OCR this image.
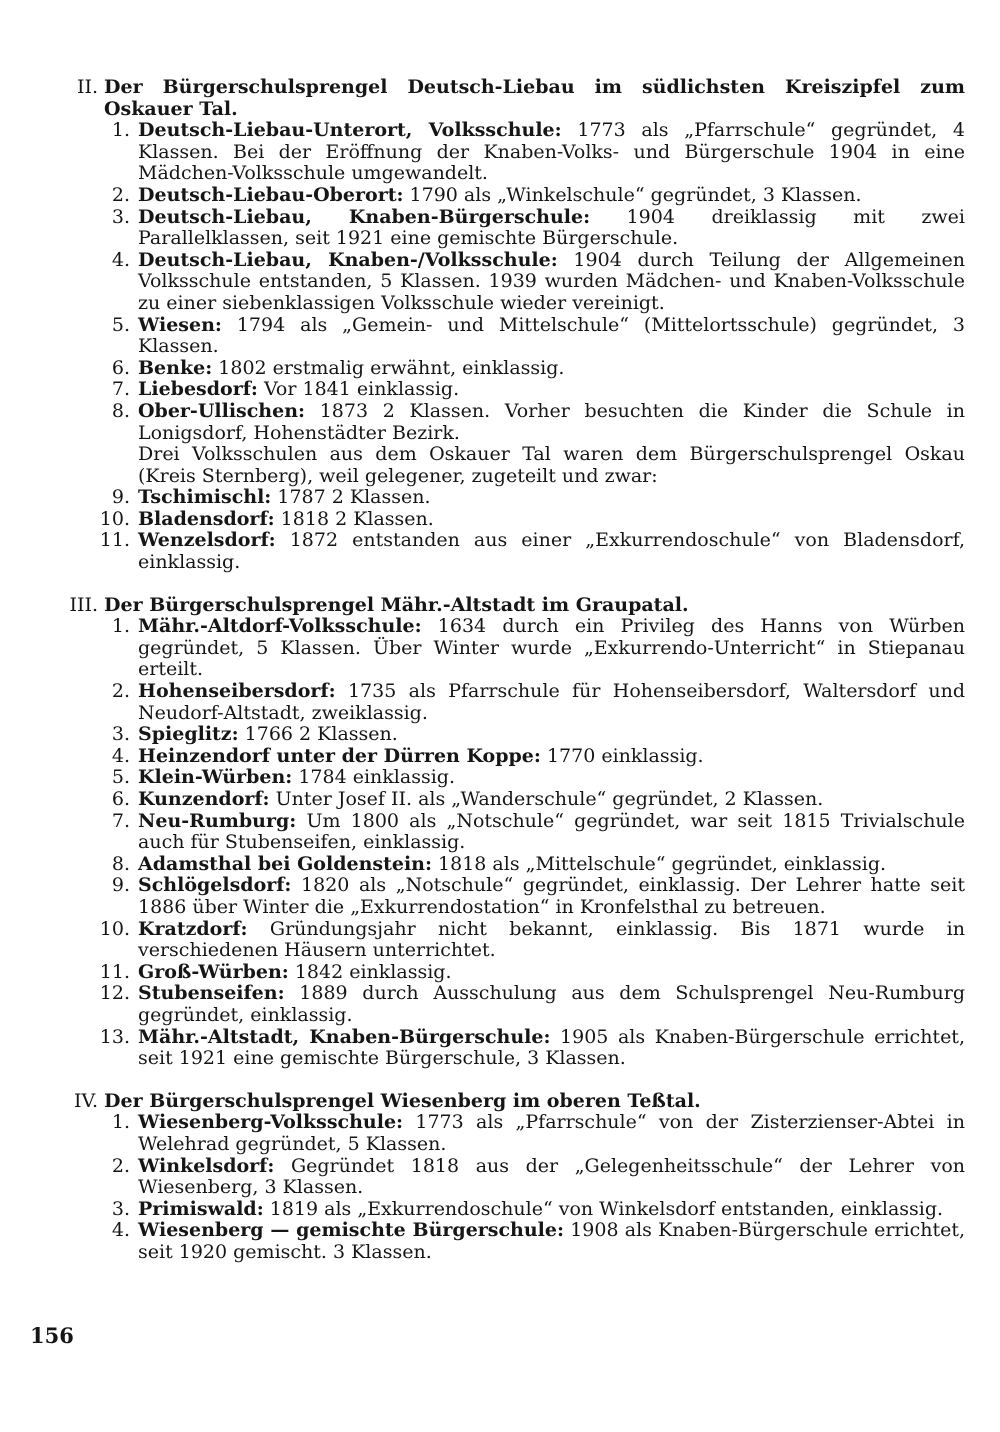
II. Der Bürgerschulsprengel Deutsch-Liebau im südlichsten Kreiszipfel zum Oskauer Tal.
1. Deutsch-Liebau-Unterort, Volksschule: 1773 als „Pfarrschule“ gegründet, 4 Klassen. Bei der Eröffnung der Knaben-Volks- und Bürgerschule 1904 in eine Mädchen-Volksschule umgewandelt.
2. Deutsch-Liebau-Oberort: 1790 als „Winkelschule“ gegründet, 3 Klassen.
3. Deutsch-Liebau, Knaben-Bürgerschule: 1904 dreiklassig mit zwei Parallelklassen, seit 1921 eine gemischte Bürgerschule.
4. Deutsch-Liebau, Knaben-/Volksschule: 1904 durch Teilung der Allgemeinen Volksschule entstanden, 5 Klassen. 1939 wurden Mädchen- und Knaben-Volksschule zu einer siebenklassigen Volksschule wieder vereinigt.
5. Wiesen: 1794 als „Gemein- und Mittelschule“ (Mittelortsschule) gegründet, 3 Klassen.
6. Benke: 1802 erstmalig erwähnt, einklassig.
7. Liebesdorf: Vor 1841 einklassig.
8. Ober-Ullischen: 1873 2 Klassen. Vorher besuchten die Kinder die Schule in Lonigsdorf, Hohenstädter Bezirk.
Drei Volksschulen aus dem Oskauer Tal waren dem Bürgerschulsprengel Oskau (Kreis Sternberg), weil gelegener, zugeteilt und zwar:
9. Tschimischl: 1787 2 Klassen.
10. Bladensdorf: 1818 2 Klassen.
11. Wenzelsdorf: 1872 entstanden aus einer „Exkurrendoschule“ von Bladensdorf, einklassig.
III. Der Bürgerschulsprengel Mähr.-Altstadt im Graupatal.
1. Mähr.-Altdorf-Volksschule: 1634 durch ein Privileg des Hanns von Würben gegründet, 5 Klassen. Über Winter wurde „Exkurrendo-Unterricht“ in Stiepanau erteilt.
2. Hohenseibersdorf: 1735 als Pfarrschule für Hohenseibersdorf, Waltersdorf und Neudorf-Altstadt, zweiklassig.
3. Spieglitz: 1766 2 Klassen.
4. Heinzendorf unter der Dürren Koppe: 1770 einklassig.
5. Klein-Würben: 1784 einklassig.
6. Kunzendorf: Unter Josef II. als „Wanderschule“ gegründet, 2 Klassen.
7. Neu-Rumburg: Um 1800 als „Notschule“ gegründet, war seit 1815 Trivialschule auch für Stubenseifen, einklassig.
8. Adamsthal bei Goldenstein: 1818 als „Mittelschule“ gegründet, einklassig.
9. Schlögelsdorf: 1820 als „Notschule“ gegründet, einklassig. Der Lehrer hatte seit 1886 über Winter die „Exkurrendostation“ in Kronfelsthal zu betreuen.
10. Kratzdorf: Gründungsjahr nicht bekannt, einklassig. Bis 1871 wurde in verschiedenen Häusern unterrichtet.
11. Groß-Würben: 1842 einklassig.
12. Stubenseifen: 1889 durch Ausschulung aus dem Schulsprengel Neu-Rumburg gegründet, einklassig.
13. Mähr.-Altstadt, Knaben-Bürgerschule: 1905 als Knaben-Bürgerschule errichtet, seit 1921 eine gemischte Bürgerschule, 3 Klassen.
IV. Der Bürgerschulsprengel Wiesenberg im oberen Teßtal.
1. Wiesenberg-Volksschule: 1773 als „Pfarrschule“ von der Zisterzienser-Abtei in Welehrad gegründet, 5 Klassen.
2. Winkelsdorf: Gegründet 1818 aus der „Gelegenheitsschule“ der Lehrer von Wiesenberg, 3 Klassen.
3. Primiswald: 1819 als „Exkurrendoschule“ von Winkelsdorf entstanden, einklassig.
4. Wiesenberg — gemischte Bürgerschule: 1908 als Knaben-Bürgerschule errichtet, seit 1920 gemischt. 3 Klassen.
156
